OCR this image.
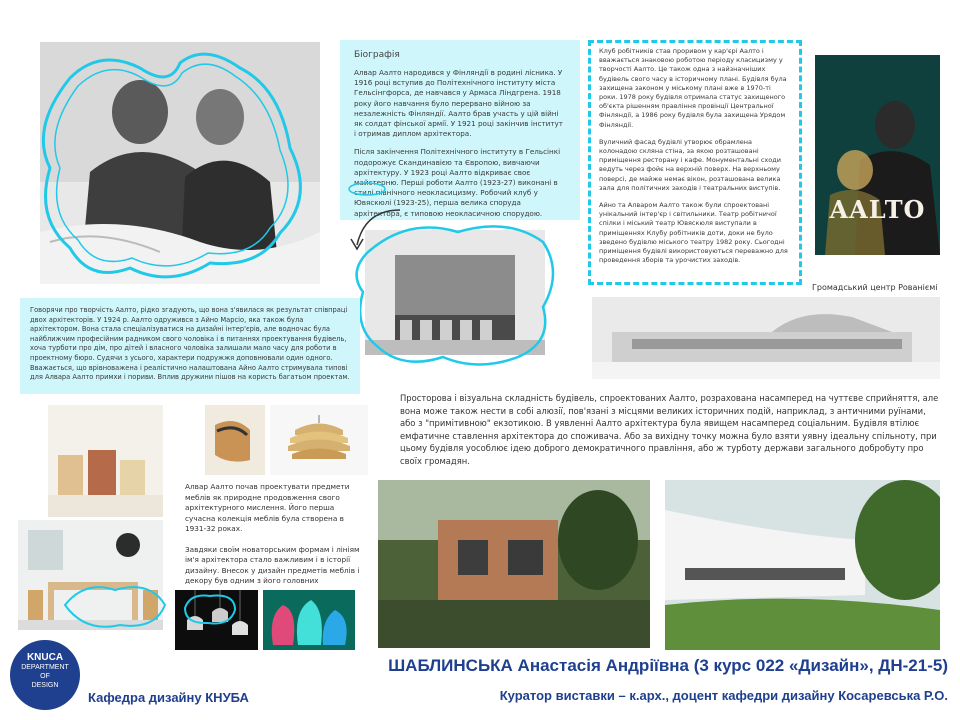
Біографія
Алвар Аалто народився у Фінляндії в родині лісника. У 1916 році вступив до Політехнічного інституту міста Гельсінгфорса, де навчався у Армаса Ліндгрена. 1918 року його навчання було перервано війною за незалежність Фінляндії. Аалто брав участь у цій війні як солдат фінської армії. У 1921 році закінчив інститут і отримав диплом архітектора.
Після закінчення Політехнічного інституту в Гельсінкі подорожує Скандинавією та Європою, вивчаючи архітектуру. У 1923 році Аалто відкриває своє майстерню. Перші роботи Аалто (1923-27) виконані в стилі північного неокласицизму. Робочий клуб у Ювяскюлі (1923-25), перша велика споруда архітектора, є типовою неокласичною спорудою.
Клуб робітників став проривом у кар'єрі Аалто і вважається знаковою роботою періоду класицизму у творчості Аалто. Це також одна з найзначніших будівель свого часу в історичному плані. Будівля була захищена законом у міському плані вже в 1970-ті роки. 1978 року будівля отримала статус захищеного об'єкта рішенням правління провінції Центральної Фінляндії, а 1986 року будівля була захищена Урядом Фінляндії.
Вуличний фасад будівлі утворює обрамлена колонадою скляна стіна, за якою розташовані приміщення ресторану і кафе. Монументальні сходи ведуть через фойє на верхній поверх. На верхньому поверсі, де майже немає вікон, розташована велика зала для політичних заходів і театральних виступів.
Айно та Алваром Аалто також були спроектовані унікальний інтер'єр і світильники. Театр робітничої спілки і міський театр Ювяскюля виступали в приміщеннях Клубу робітників доти, доки не було зведено будівлю міського театру 1982 року. Сьогодні приміщення будівлі використовуються переважно для проведення зборів та урочистих заходів.
AALTO
Громадський центр Рованіємі
Говорячи про творчість Аалто, рідко згадують, що вона з'явилася як результат співпраці двох архітекторів. У 1924 р. Аалто одружився з Айно Марсіо, яка також була архітектором. Вона стала спеціалізуватися на дизайні інтер'єрів, але водночас була найближчим професійним радником свого чоловіка і в питаннях проектування будівель, хоча турботи про дім, про дітей і власного чоловіка залишали мало часу для роботи в проектному бюро. Судячи з усього, характери подружжя доповнювали один одного. Вважається, що врівноважена і реалістично налаштована Айно Аалто стримувала типові для Алвара Аалто примхи і пориви. Вплив дружини пішов на користь багатьом проектам.
Просторова і візуальна складність будівель, спроектованих Аалто, розрахована насамперед на чуттєве сприйняття, але вона може також нести в собі алюзії, пов'язані з місцями великих історичних подій, наприклад, з античними руїнами, або з "примітивною" екзотикою. В уявленні Аалто архітектура була явищем насамперед соціальним. Будівля втілює емфатичне ставлення архітектора до споживача. Або за вихідну точку можна було взяти уявну ідеальну спільноту, при цьому будівля уособлює ідею доброго демократичного правління, або ж турботу держави загального добробуту про своїх громадян.
Алвар Аалто почав проектувати предмети меблів як природне продовження свого архітектурного мислення. Його перша сучасна колекція меблів була створена в 1931-32 роках.
Завдяки своїм новаторським формам і лініям ім'я архітектора стало важливим і в історії дизайну. Внесок у дизайн предметів меблів і декору був одним з його головних
KNUCA
DEPARTMENT
OF
DESIGN
Кафедра дизайну КНУБА
ШАБЛИНСЬКА Анастасія Андріївна (3 курс 022 «Дизайн», ДН-21-5)
Куратор виставки – к.арх., доцент кафедри дизайну Косаревська Р.О.
